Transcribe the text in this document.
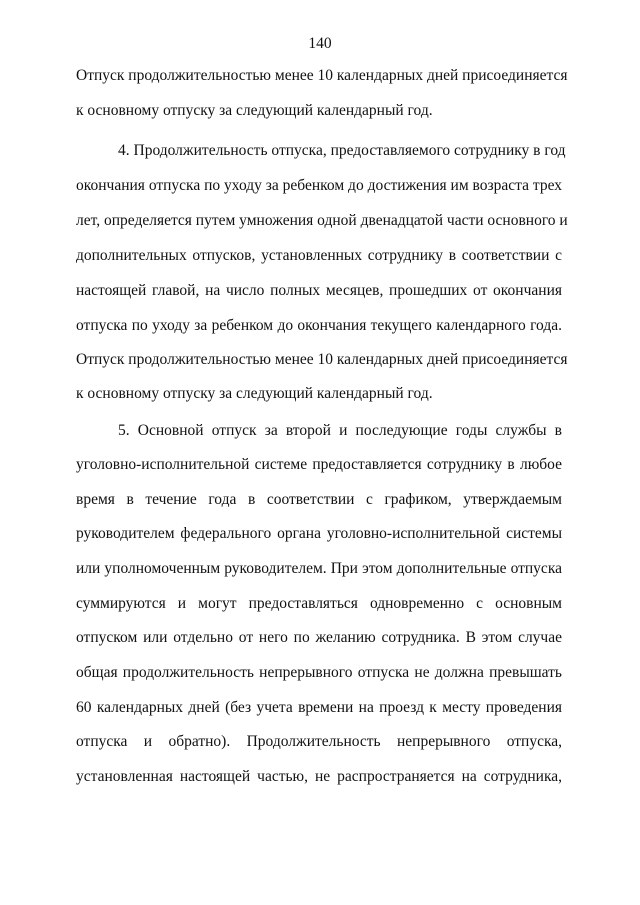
140
Отпуск продолжительностью менее 10 календарных дней присоединяется
к основному отпуску за следующий календарный год.
4. Продолжительность отпуска, предоставляемого сотруднику в год
окончания отпуска по уходу за ребенком до достижения им возраста трех
лет, определяется путем умножения одной двенадцатой части основного и
дополнительных отпусков, установленных сотруднику в соответствии с
настоящей главой, на число полных месяцев, прошедших от окончания
отпуска по уходу за ребенком до окончания текущего календарного года.
Отпуск продолжительностью менее 10 календарных дней присоединяется
к основному отпуску за следующий календарный год.
5. Основной отпуск за второй и последующие годы службы в
уголовно-исполнительной системе предоставляется сотруднику в любое
время в течение года в соответствии с графиком, утверждаемым
руководителем федерального органа уголовно-исполнительной системы
или уполномоченным руководителем. При этом дополнительные отпуска
суммируются и могут предоставляться одновременно с основным
отпуском или отдельно от него по желанию сотрудника. В этом случае
общая продолжительность непрерывного отпуска не должна превышать
60 календарных дней (без учета времени на проезд к месту проведения
отпуска и обратно). Продолжительность непрерывного отпуска,
установленная настоящей частью, не распространяется на сотрудника,
